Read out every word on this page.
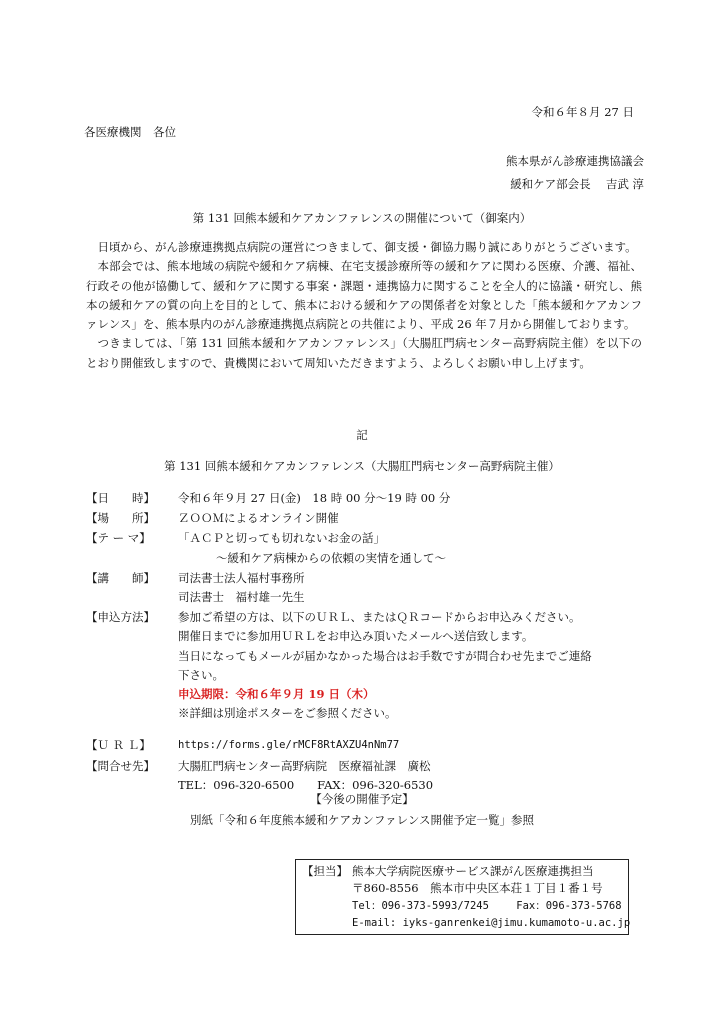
令和６年８月 27 日
各医療機関　各位
熊本県がん診療連携協議会
緩和ケア部会長　 吉武 淳
第 131 回熊本緩和ケアカンファレンスの開催について（御案内）

日頃から、がん診療連携拠点病院の運営につきまして、御支援・御協力賜り誠にありがとうございます。

本部会では、熊本地域の病院や緩和ケア病棟、在宅支援診療所等の緩和ケアに関わる医療、介護、福祉、行政その他が協働して、緩和ケアに関する事案・課題・連携協力に関することを全人的に協議・研究し、熊本の緩和ケアの質の向上を目的として、熊本における緩和ケアの関係者を対象とした「熊本緩和ケアカンファレンス」を、熊本県内のがん診療連携拠点病院との共催により、平成 26 年７月から開催しております。

つきましては、「第 131 回熊本緩和ケアカンファレンス」（大腸肛門病センター高野病院主催）を以下のとおり開催致しますので、貴機関において周知いただきますよう、よろしくお願い申し上げます。

記
第 131 回熊本緩和ケアカンファレンス（大腸肛門病センター高野病院主催）
【日　　時】	令和６年９月 27 日(金)　18 時 00 分～19 時 00 分
【場　　所】	ＺＯＯＭによるオンライン開催
【テ ー マ】	「ＡＣＰと切っても切れないお金の話」
～緩和ケア病棟からの依頼の実情を通して～
【講　　師】	司法書士法人福村事務所
司法書士　福村雄一先生
【申込方法】	参加ご希望の方は、以下のＵＲＬ、またはＱＲコードからお申込みください。
開催日までに参加用ＵＲＬをお申込み頂いたメールへ送信致します。
当日になってもメールが届かなかった場合はお手数ですが問合わせ先までご連絡
下さい。
申込期限：令和６年９月 19 日（木）
※詳細は別途ポスターをご参照ください。
【Ｕ Ｒ Ｌ】	https://forms.gle/rMCF8RtAXZU4nNm77
【問合せ先】	大腸肛門病センター高野病院　医療福祉課　廣松
TEL：096-320-6500　　FAX：096-320-6530
【今後の開催予定】
別紙「令和６年度熊本緩和ケアカンファレンス開催予定一覧」参照
【担当】 熊本大学病院医療サービス課がん医療連携担当
〒860-8556　熊本市中央区本荘１丁目１番１号
Tel：096-373-5993/7245　　 Fax：096-373-5768
E-mail: iyks-ganrenkei@jimu.kumamoto-u.ac.jp
